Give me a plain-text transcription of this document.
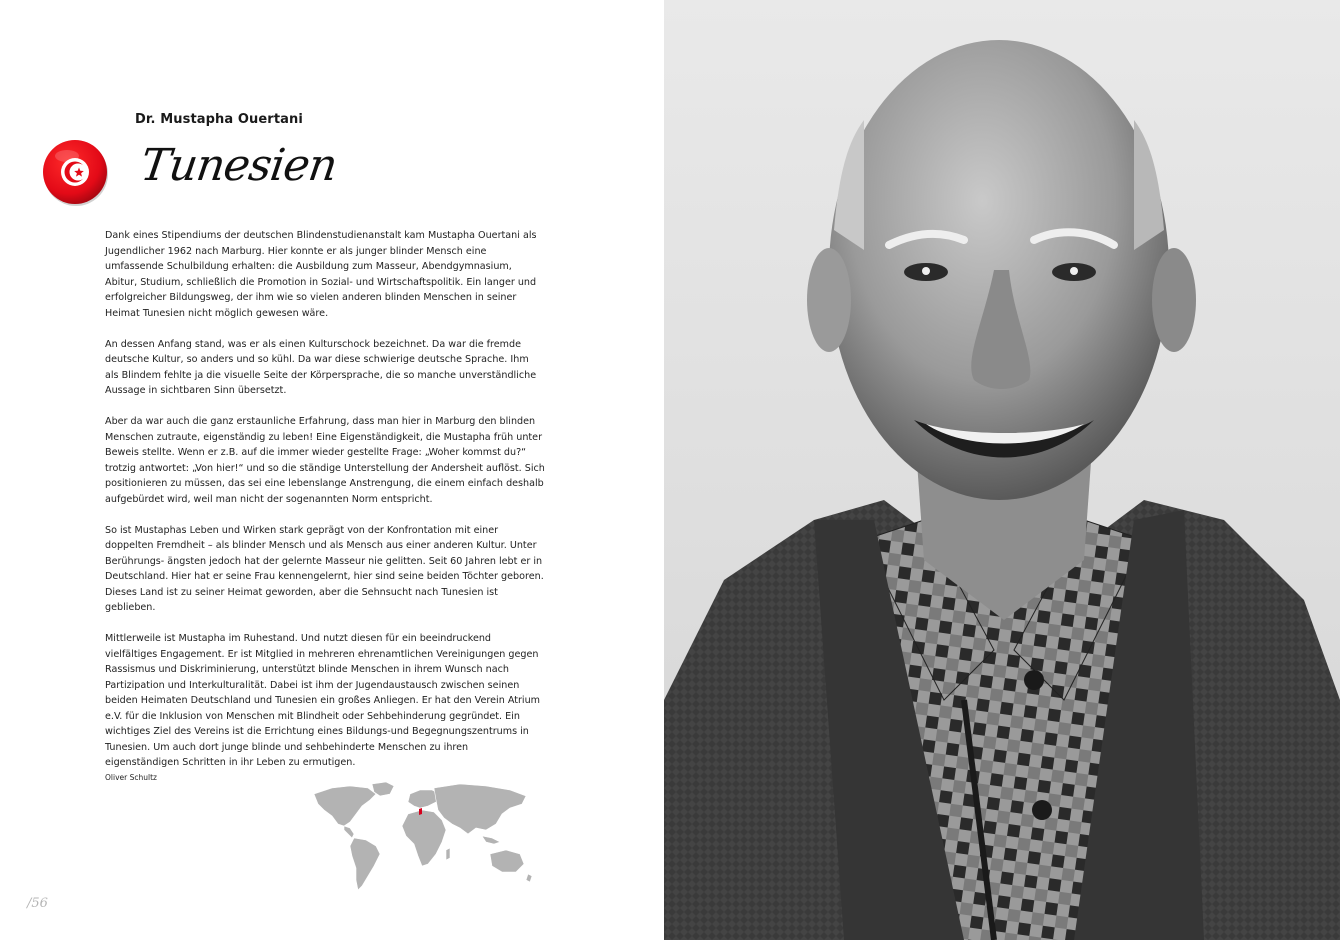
Dr. Mustapha Ouertani
Tunesien

Dank eines Stipendiums der deutschen Blindenstudienanstalt kam Mustapha Ouertani als Jugendlicher 1962 nach Marburg. Hier konnte er als junger blinder Mensch eine umfassende Schulbildung erhalten: die Ausbildung zum Masseur, Abendgymnasium, Abitur, Studium, schließlich die Promotion in Sozial- und Wirtschaftspolitik. Ein langer und erfolgreicher Bildungsweg, der ihm wie so vielen anderen blinden Menschen in seiner Heimat Tunesien nicht möglich gewesen wäre.

An dessen Anfang stand, was er als einen Kulturschock bezeichnet. Da war die fremde deutsche Kultur, so anders und so kühl. Da war diese schwierige deutsche Sprache. Ihm als Blindem fehlte ja die visuelle Seite der Körpersprache, die so manche unverständliche Aussage in sichtbaren Sinn übersetzt.

Aber da war auch die ganz erstaunliche Erfahrung, dass man hier in Marburg den blinden Menschen zutraute, eigenständig zu leben! Eine Eigenständigkeit, die Mustapha früh unter Beweis stellte. Wenn er z.B. auf die immer wieder gestellte Frage: „Woher kommst du?“ trotzig antwortet: „Von hier!“ und so die ständige Unterstellung der Andersheit auflöst. Sich positionieren zu müssen, das sei eine lebenslange Anstrengung, die einem einfach deshalb aufgebürdet wird, weil man nicht der sogenannten Norm entspricht.

So ist Mustaphas Leben und Wirken stark geprägt von der Konfrontation mit einer doppelten Fremdheit – als blinder Mensch und als Mensch aus einer anderen Kultur. Unter Berührungs- ängsten jedoch hat der gelernte Masseur nie gelitten. Seit 60 Jahren lebt er in Deutschland. Hier hat er seine Frau kennengelernt, hier sind seine beiden Töchter geboren. Dieses Land ist zu seiner Heimat geworden, aber die Sehnsucht nach Tunesien ist geblieben.

Mittlerweile ist Mustapha im Ruhestand. Und nutzt diesen für ein beeindruckend vielfältiges Engagement. Er ist Mitglied in mehreren ehrenamtlichen Vereinigungen gegen Rassismus und Diskriminierung, unterstützt blinde Menschen in ihrem Wunsch nach Partizipation und Interkulturalität. Dabei ist ihm der Jugendaustausch zwischen seinen beiden Heimaten Deutschland und Tunesien ein großes Anliegen. Er hat den Verein Atrium e.V. für die Inklusion von Menschen mit Blindheit oder Sehbehinderung gegründet. Ein wichtiges Ziel des Vereins ist die Errichtung eines Bildungs-und Begegnungszentrums in Tunesien. Um auch dort junge blinde und sehbehinderte Menschen zu ihren eigenständigen Schritten in ihr Leben zu ermutigen.

Oliver Schultz
/56
